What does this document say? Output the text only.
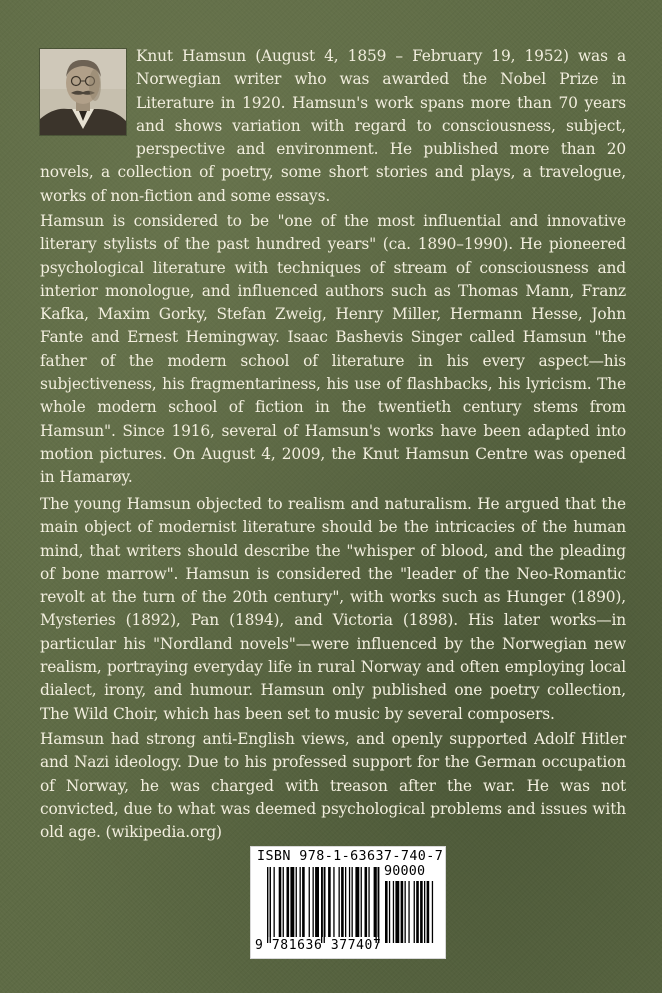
Knut Hamsun (August 4, 1859 – February 19, 1952) was a Norwegian writer who was awarded the Nobel Prize in Literature in 1920. Hamsun's work spans more than 70 years and shows variation with regard to consciousness, subject, perspective and environment. He published more than 20 novels, a collection of poetry, some short stories and plays, a travelogue, works of non-fiction and some essays.
Hamsun is considered to be "one of the most influential and innovative literary stylists of the past hundred years" (ca. 1890–1990). He pioneered psychological literature with techniques of stream of consciousness and interior monologue, and influenced authors such as Thomas Mann, Franz Kafka, Maxim Gorky, Stefan Zweig, Henry Miller, Hermann Hesse, John Fante and Ernest Hemingway. Isaac Bashevis Singer called Hamsun "the father of the modern school of literature in his every aspect—his subjectiveness, his fragmentariness, his use of flashbacks, his lyricism. The whole modern school of fiction in the twentieth century stems from Hamsun". Since 1916, several of Hamsun's works have been adapted into motion pictures. On August 4, 2009, the Knut Hamsun Centre was opened in Hamarøy.
The young Hamsun objected to realism and naturalism. He argued that the main object of modernist literature should be the intricacies of the human mind, that writers should describe the "whisper of blood, and the pleading of bone marrow". Hamsun is considered the "leader of the Neo-Romantic revolt at the turn of the 20th century", with works such as Hunger (1890), Mysteries (1892), Pan (1894), and Victoria (1898). His later works—in particular his "Nordland novels"—were influenced by the Norwegian new realism, portraying everyday life in rural Norway and often employing local dialect, irony, and humour. Hamsun only published one poetry collection, The Wild Choir, which has been set to music by several composers.
Hamsun had strong anti-English views, and openly supported Adolf Hitler and Nazi ideology. Due to his professed support for the German occupation of Norway, he was charged with treason after the war. He was not convicted, due to what was deemed psychological problems and issues with old age. (wikipedia.org)
ISBN 978-1-63637-740-7
90000
9 781636 377407
